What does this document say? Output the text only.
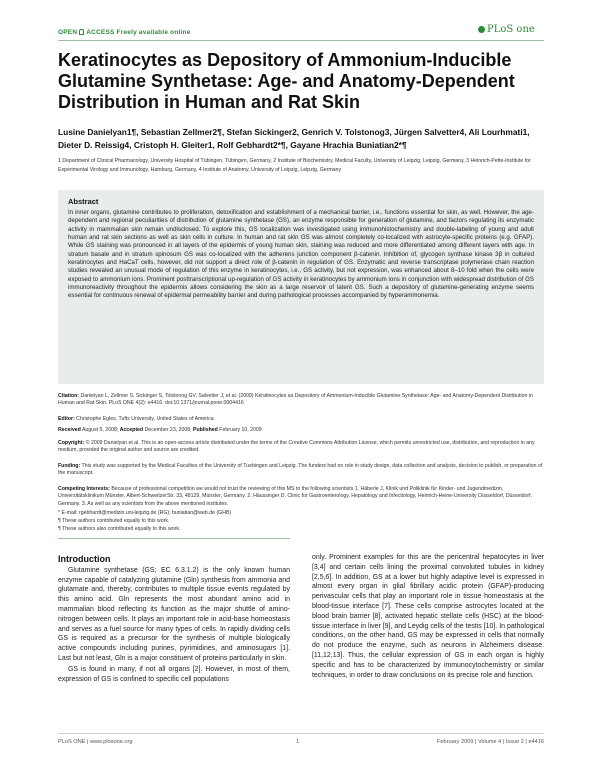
OPEN ACCESS Freely available online	PLoS one
Keratinocytes as Depository of Ammonium-Inducible Glutamine Synthetase: Age- and Anatomy-Dependent Distribution in Human and Rat Skin

Lusine Danielyan1¶, Sebastian Zellmer2¶, Stefan Sickinger2, Genrich V. Tolstonog3, Jürgen Salvetter4, Ali Lourhmati1, Dieter D. Reissig4, Cristoph H. Gleiter1, Rolf Gebhardt2*¶, Gayane Hrachia Buniatian2*¶

1 Department of Clinical Pharmacology, University Hospital of Tübingen, Tübingen, Germany, 2 Institute of Biochemistry, Medical Faculty, University of Leipzig, Leipzig, Germany, 3 Heinrich-Pette-Institute for Experimental Virology and Immunology, Hamburg, Germany, 4 Institute of Anatomy, University of Leipzig, Leipzig, Germany

Abstract

In inner organs, glutamine contributes to proliferation, detoxification and establishment of a mechanical barrier, i.e., functions essential for skin, as well. However, the age-dependent and regional peculiarities of distribution of glutamine synthetase (GS), an enzyme responsible for generation of glutamine, and factors regulating its enzymatic activity in mammalian skin remain undisclosed. To explore this, GS localization was investigated using immunohistochemistry and double-labeling of young and adult human and rat skin sections as well as skin cells in culture. In human and rat skin GS was almost completely co-localized with astrocyte-specific proteins (e.g. GFAP). While GS staining was pronounced in all layers of the epidermis of young human skin, staining was reduced and more differentiated among different layers with age. In stratum basale and in stratum spinosum GS was co-localized with the adherens junction component β-catenin. Inhibition of, glycogen synthase kinase 3β in cultured keratinocytes and HaCaT cells, however, did not support a direct role of β-catenin in regulation of GS. Enzymatic and reverse transcriptase polymerase chain reaction studies revealed an unusual mode of regulation of this enzyme in keratinocytes, i.e., GS activity, but not expression, was enhanced about 8–10 fold when the cells were exposed to ammonium ions. Prominent posttranscriptional up-regulation of GS activity in keratinocytes by ammonium ions in conjunction with widespread distribution of GS immunoreactivity throughout the epidermis allows considering the skin as a large reservoir of latent GS. Such a depository of glutamine-generating enzyme seems essential for continuous renewal of epidermal permeability barrier and during pathological processes accompanied by hyperammonemia.

Citation: Danielyan L, Zellmer S, Sickinger S, Tolstonog GV, Salvetter J, et al. (2009) Keratinocytes as Depository of Ammonium-Inducible Glutamine Synthetase: Age- and Anatomy-Dependent Distribution in Human and Rat Skin. PLoS ONE 4(2): e4416. doi:10.1371/journal.pone.0004416

Editor: Christophe Egles, Tufts University, United States of America

Received August 5, 2008; Accepted December 23, 2008; Published February 10, 2009

Copyright: © 2009 Danielyan et al. This is an open-access article distributed under the terms of the Creative Commons Attribution License, which permits unrestricted use, distribution, and reproduction in any medium, provided the original author and source are credited.

Funding: This study was supported by the Medical Faculties of the University of Tuebingen and Leipzig. The funders had no role in study design, data collection and analysis, decision to publish, or preparation of the manuscript.

Competing Interests: Because of professional competition we would not trust the reviewing of this MS to the following scientists 1. Häberle J, Klinik und Poliklinik für Kinder- und Jugendmedizin, Universitätsklinikum Münster, Albert-SchweitzerStr. 33, 48129, Münster, Germany. 2. Häussinger D. Clinic for Gastroenterology, Hepatology and Infectiology, Heinrich-Heine-University Düsseldorf, Düsseldorf, Germany. 3. As well as any scientists from the above mentioned institutes.

* E-mail: rgebhardt@medizin.uni-leipzig.de (RG); buniatian@web.de (GHB)

¶ These authors contributed equally to this work.

¶ These authors also contributed equally to this work.

Introduction

Glutamine synthetase (GS; EC 6.3.1.2) is the only known human enzyme capable of catalyzing glutamine (Gln) synthesis from ammonia and glutamate and, thereby, contributes to multiple tissue events regulated by this amino acid. Gln represents the most abundant amino acid in mammalian blood reflecting its function as the major shuttle of amino-nitrogen between cells. It plays an important role in acid-base homeostasis and serves as a fuel source for many types of cells. In rapidly dividing cells GS is required as a precursor for the synthesis of multiple biologically active compounds including purines, pyrimidines, and aminosugars [1]. Last but not least, Gln is a major constituent of proteins particularly in skin.

GS is found in many, if not all organs [2]. However, in most of them, expression of GS is confined to specific cell populations

only. Prominent examples for this are the pericentral hepatocytes in liver [3,4] and certain cells lining the proximal convoluted tubules in kidney [2,5,6]. In addition, GS at a lower but highly adaptive level is expressed in almost every organ in glial fibrillary acidic protein (GFAP)-producing perivascular cells that play an important role in tissue homeostasis at the blood-tissue interface [7]. These cells comprise astrocytes located at the blood brain barrier [8], activated hepatic stellate cells (HSC) at the blood-tissue interface in liver [9], and Leydig cells of the testis [10]. In pathological conditions, on the other hand, GS may be expressed in cells that normally do not produce the enzyme, such as neurons in Alzheimers disease. [11,12,13]. Thus, the cellular expression of GS in each organ is highly specific and has to be characterized by immunocytochemistry or similar techniques, in order to draw conclusions on its precise role and function.

PLoS ONE | www.plosone.org	1	February 2009 | Volume 4 | Issue 2 | e4416
